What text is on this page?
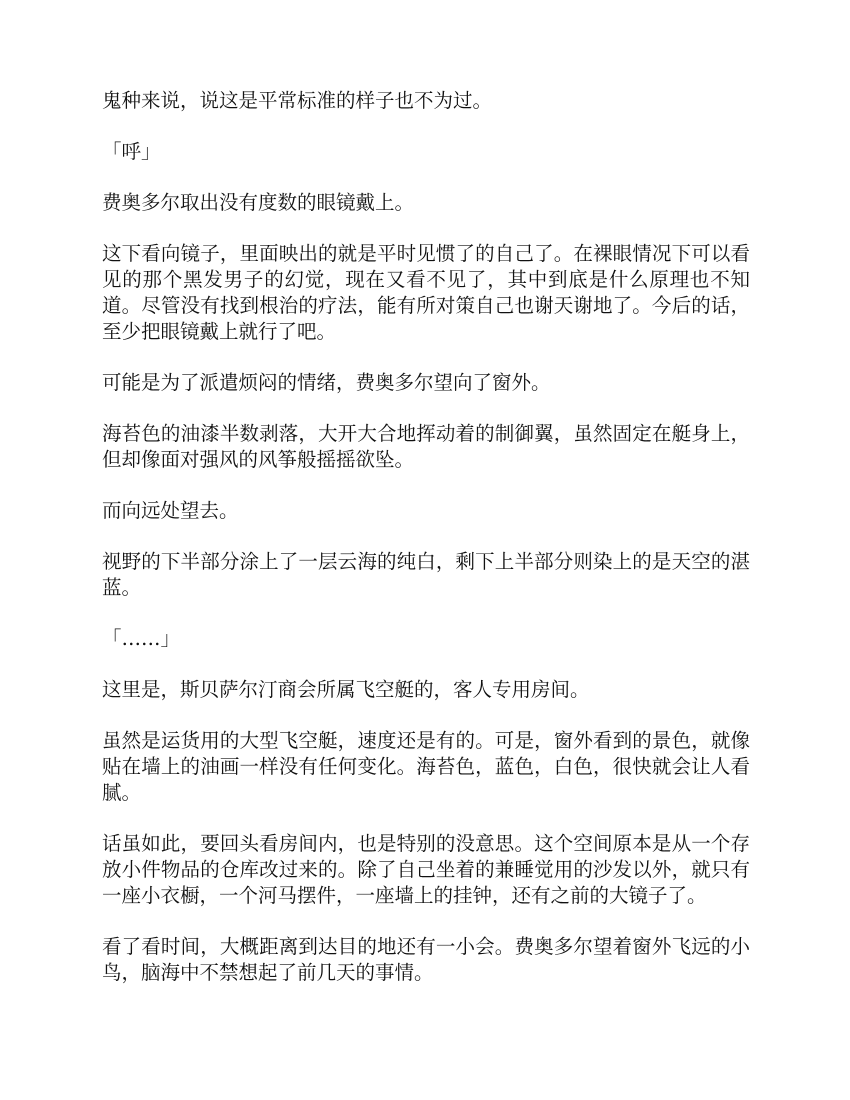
鬼种来说，说这是平常标准的样子也不为过。

「呼」

费奥多尔取出没有度数的眼镜戴上。

这下看向镜子，里面映出的就是平时见惯了的自己了。在裸眼情况下可以看见的那个黑发男子的幻觉，现在又看不见了，其中到底是什么原理也不知道。尽管没有找到根治的疗法，能有所对策自己也谢天谢地了。今后的话，至少把眼镜戴上就行了吧。

可能是为了派遣烦闷的情绪，费奥多尔望向了窗外。

海苔色的油漆半数剥落，大开大合地挥动着的制御翼，虽然固定在艇身上，但却像面对强风的风筝般摇摇欲坠。

而向远处望去。

视野的下半部分涂上了一层云海的纯白，剩下上半部分则染上的是天空的湛蓝。

「……」

这里是，斯贝萨尔汀商会所属飞空艇的，客人专用房间。

虽然是运货用的大型飞空艇，速度还是有的。可是，窗外看到的景色，就像贴在墙上的油画一样没有任何变化。海苔色，蓝色，白色，很快就会让人看腻。

话虽如此，要回头看房间内，也是特别的没意思。这个空间原本是从一个存放小件物品的仓库改过来的。除了自己坐着的兼睡觉用的沙发以外，就只有一座小衣橱，一个河马摆件，一座墙上的挂钟，还有之前的大镜子了。

看了看时间，大概距离到达目的地还有一小会。费奥多尔望着窗外飞远的小鸟，脑海中不禁想起了前几天的事情。
